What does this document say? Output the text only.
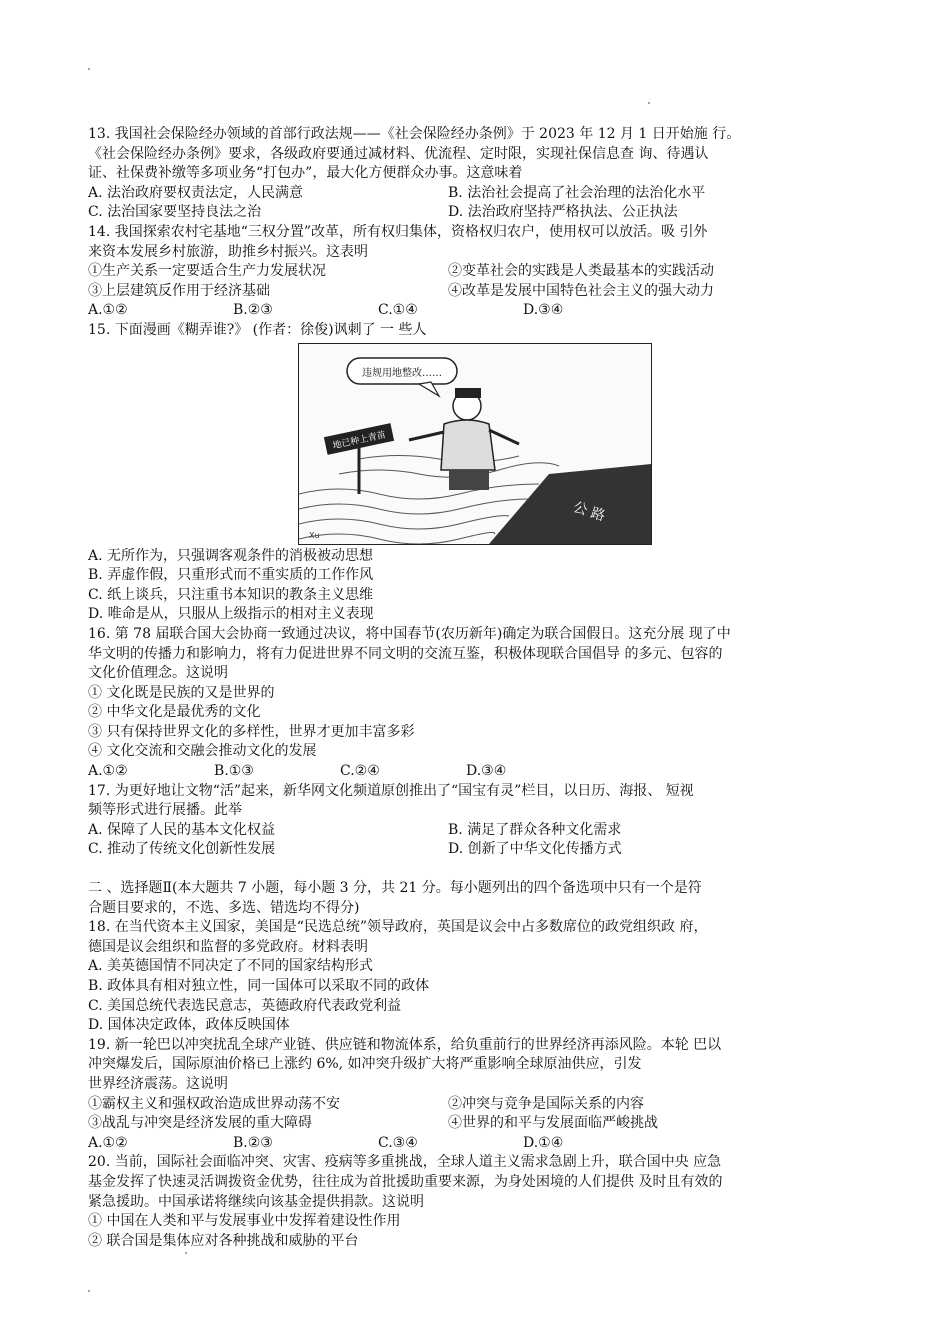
13. 我国社会保险经办领域的首部行政法规——《社会保险经办条例》于 2023 年 12 月 1 日开始施 行。
《社会保险经办条例》要求，各级政府要通过减材料、优流程、定时限，实现社保信息查 询、待遇认
证、社保费补缴等多项业务“打包办”，最大化方便群众办事。这意味着
A. 法治政府要权责法定，人民满意	B. 法治社会提高了社会治理的法治化水平
C. 法治国家要坚持良法之治	D. 法治政府坚持严格执法、公正执法
14. 我国探索农村宅基地“三权分置”改革，所有权归集体，资格权归农户，使用权可以放活。吸 引外
来资本发展乡村旅游，助推乡村振兴。这表明
①生产关系一定要适合生产力发展状况	②变革社会的实践是人类最基本的实践活动
③上层建筑反作用于经济基础	④改革是发展中国特色社会主义的强大动力
A.①②	B.②③	C.①④	D.③④
15. 下面漫画《糊弄谁?》 (作者：徐俊)讽刺了 一 些人
违规用地整改……
地已种上青苗
公 路
Xu
A. 无所作为，只强调客观条件的消极被动思想
B. 弄虚作假，只重形式而不重实质的工作作风
C. 纸上谈兵，只注重书本知识的教条主义思维
D. 唯命是从，只服从上级指示的相对主义表现
16. 第 78 届联合国大会协商一致通过决议，将中国春节(农历新年)确定为联合国假日。这充分展 现了中
华文明的传播力和影响力，将有力促进世界不同文明的交流互鉴，积极体现联合国倡导 的多元、包容的
文化价值理念。这说明
① 文化既是民族的又是世界的
② 中华文化是最优秀的文化
③ 只有保持世界文化的多样性，世界才更加丰富多彩
④ 文化交流和交融会推动文化的发展
A.①②	B.①③	C.②④	D.③④
17. 为更好地让文物“活”起来，新华网文化频道原创推出了“国宝有灵”栏目，以日历、海报、 短视
频等形式进行展播。此举
A. 保障了人民的基本文化权益	B. 满足了群众各种文化需求
C. 推动了传统文化创新性发展	D. 创新了中华文化传播方式
二 、选择题Ⅱ(本大题共 7 小题，每小题 3 分，共 21 分。每小题列出的四个备选项中只有一个是符
合题目要求的，不选、多选、错选均不得分)
18. 在当代资本主义国家，美国是“民选总统”领导政府，英国是议会中占多数席位的政党组织政 府，
德国是议会组织和监督的多党政府。材料表明
A. 美英德国情不同决定了不同的国家结构形式
B. 政体具有相对独立性，同一国体可以采取不同的政体
C. 美国总统代表选民意志，英德政府代表政党利益
D. 国体决定政体，政体反映国体
19. 新一轮巴以冲突扰乱全球产业链、供应链和物流体系，给负重前行的世界经济再添风险。本轮 巴以
冲突爆发后，国际原油价格已上涨约 6%, 如冲突升级扩大将严重影响全球原油供应，引发
世界经济震荡。这说明
①霸权主义和强权政治造成世界动荡不安	②冲突与竞争是国际关系的内容
③战乱与冲突是经济发展的重大障碍	④世界的和平与发展面临严峻挑战
A.①②	B.②③	C.③④	D.①④
20. 当前，国际社会面临冲突、灾害、疫病等多重挑战，全球人道主义需求急剧上升，联合国中央 应急
基金发挥了快速灵活调拨资金优势，往往成为首批援助重要来源，为身处困境的人们提供 及时且有效的
紧急援助。中国承诺将继续向该基金提供捐款。这说明
① 中国在人类和平与发展事业中发挥着建设性作用
② 联合国是集体应对各种挑战和威胁的平台
